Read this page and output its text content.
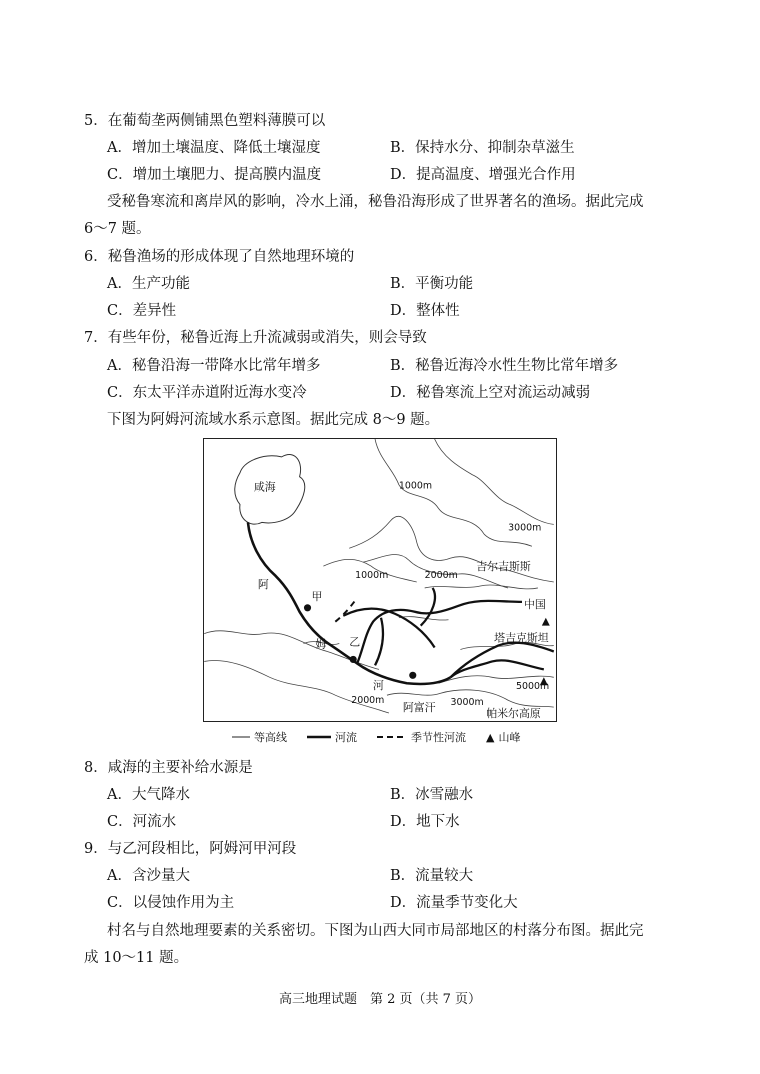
5．在葡萄垄两侧铺黑色塑料薄膜可以
A．增加土壤温度、降低土壤湿度	B．保持水分、抑制杂草滋生
C．增加土壤肥力、提高膜内温度	D．提高温度、增强光合作用
受秘鲁寒流和离岸风的影响，冷水上涌，秘鲁沿海形成了世界著名的渔场。据此完成
6～7 题。
6．秘鲁渔场的形成体现了自然地理环境的
A．生产功能	B．平衡功能
C．差异性	D．整体性
7．有些年份，秘鲁近海上升流减弱或消失，则会导致
A．秘鲁沿海一带降水比常年增多	B．秘鲁近海冷水性生物比常年增多
C．东太平洋赤道附近海水变冷	D．秘鲁寒流上空对流运动减弱
下图为阿姆河流域水系示意图。据此完成 8～9 题。
咸海	1000m
3000m
1000m	2000m
吉尔吉斯斯
中国
塔吉克斯坦
阿
甲
姆 乙
河
2000m	3000m
阿富汗
5000m
帕米尔高原
等高线	河流	季节性河流 ▲ 山峰
8．咸海的主要补给水源是
A．大气降水	B．冰雪融水
C．河流水	D．地下水
9．与乙河段相比，阿姆河甲河段
A．含沙量大	B．流量较大
C．以侵蚀作用为主	D．流量季节变化大
村名与自然地理要素的关系密切。下图为山西大同市局部地区的村落分布图。据此完
成 10～11 题。
高三地理试题　第 2 页（共 7 页）
